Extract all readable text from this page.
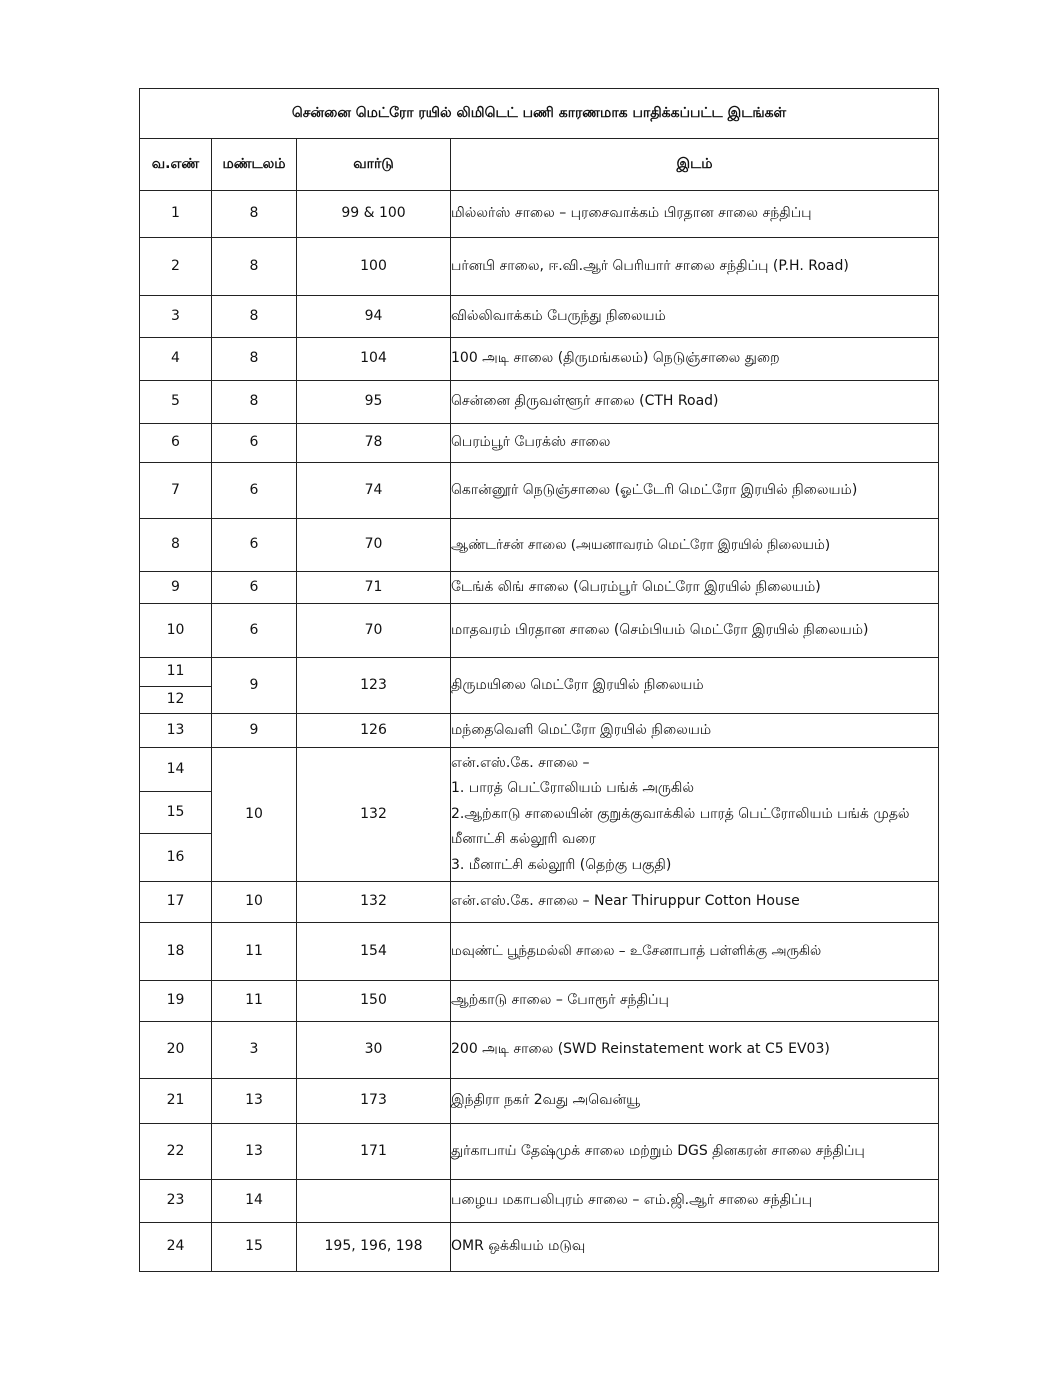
சென்னை மெட்ரோ ரயில் லிமிடெட் பணி காரணமாக பாதிக்கப்பட்ட இடங்கள்			
வ.எண்	மண்டலம்	வார்டு	இடம்
1	8	99 & 100	மில்லர்ஸ் சாலை – புரசைவாக்கம் பிரதான சாலை சந்திப்பு
2	8	100	பர்னபி சாலை, ஈ.வி.ஆர் பெரியார் சாலை சந்திப்பு (P.H. Road)
3	8	94	வில்லிவாக்கம் பேருந்து நிலையம்
4	8	104	100 அடி சாலை (திருமங்கலம்) நெடுஞ்சாலை துறை
5	8	95	சென்னை திருவள்ளூர் சாலை (CTH Road)
6	6	78	பெரம்பூர் பேரக்ஸ் சாலை
7	6	74	கொன்னூர் நெடுஞ்சாலை (ஓட்டேரி மெட்ரோ இரயில் நிலையம்)
8	6	70	ஆண்டர்சன் சாலை (அயனாவரம் மெட்ரோ இரயில் நிலையம்)
9	6	71	டேங்க் லிங் சாலை (பெரம்பூர் மெட்ரோ இரயில் நிலையம்)
10	6	70	மாதவரம் பிரதான சாலை (செம்பியம் மெட்ரோ இரயில் நிலையம்)
11	9	123	திருமயிலை மெட்ரோ இரயில் நிலையம்
12			
13	9	126	மந்தைவெளி மெட்ரோ இரயில் நிலையம்
14	10	132	என்.எஸ்.கே. சாலை –
1. பாரத் பெட்ரோலியம் பங்க் அருகில்
2.ஆற்காடு சாலையின் குறுக்குவாக்கில் பாரத் பெட்ரோலியம் பங்க் முதல் மீனாட்சி கல்லூரி வரை
3. மீனாட்சி கல்லூரி (தெற்கு பகுதி)

15			
16			
17	10	132	என்.எஸ்.கே. சாலை – Near Thiruppur Cotton House
18	11	154	மவுண்ட் பூந்தமல்லி சாலை – உசேனாபாத் பள்ளிக்கு அருகில்
19	11	150	ஆற்காடு சாலை – போரூர் சந்திப்பு
20	3	30	200 அடி சாலை (SWD Reinstatement work at C5 EV03)
21	13	173	இந்திரா நகர் 2வது அவென்யூ
22	13	171	துர்காபாய் தேஷ்முக் சாலை மற்றும் DGS தினகரன் சாலை சந்திப்பு
23	14		பழைய மகாபலிபுரம் சாலை – எம்.ஜி.ஆர் சாலை சந்திப்பு
24	15	195, 196, 198	OMR ஒக்கியம் மடுவு
